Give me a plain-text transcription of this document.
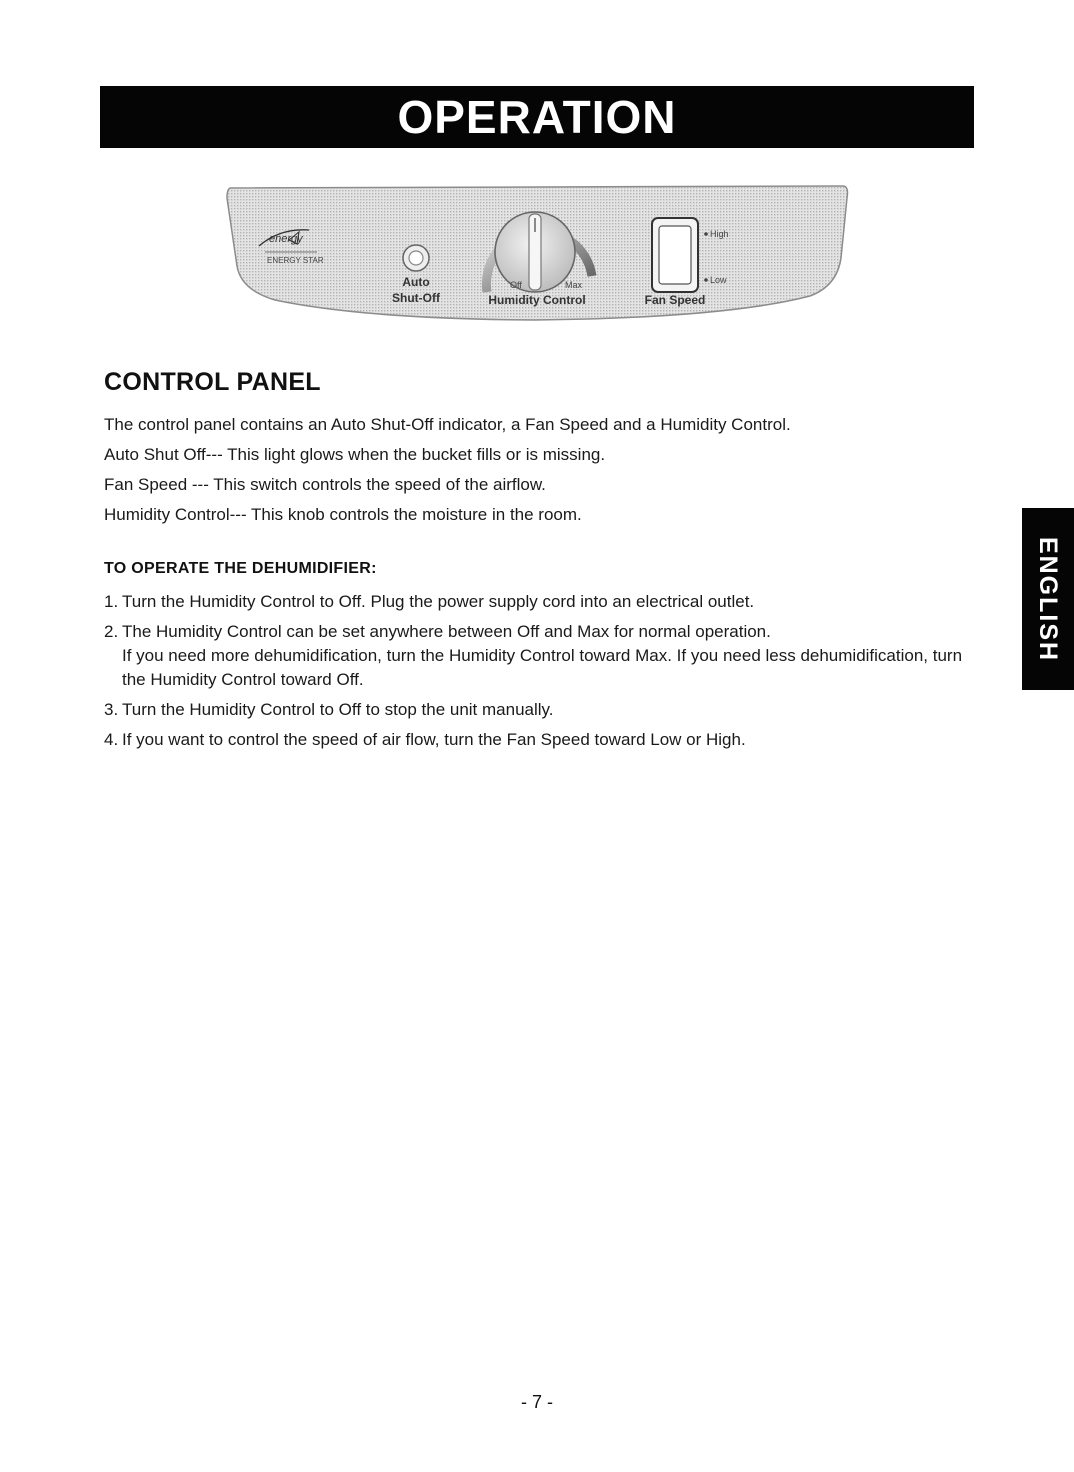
OPERATION
energy
ENERGY STAR
Auto
Shut-Off
Off	Max
Humidity Control
High
Low
Fan Speed
CONTROL PANEL

The control panel contains an Auto Shut-Off indicator, a Fan Speed and a Humidity Control.

Auto Shut Off--- This light glows when the bucket fills or is missing.

Fan Speed --- This switch controls the speed of the airflow.

Humidity Control--- This knob controls the moisture in the room.

TO OPERATE THE DEHUMIDIFIER:
1. Turn the Humidity Control to Off. Plug the power supply cord into an electrical outlet.
2. The Humidity Control can be set anywhere between Off and Max for normal operation.
If you need more dehumidification, turn the Humidity Control toward Max. If you need less dehumidification, turn the Humidity Control toward Off.
3. Turn the Humidity Control to Off to stop the unit manually.
4. If you want to control the speed of air flow, turn the Fan Speed toward Low or High.
ENGLISH
- 7 -
